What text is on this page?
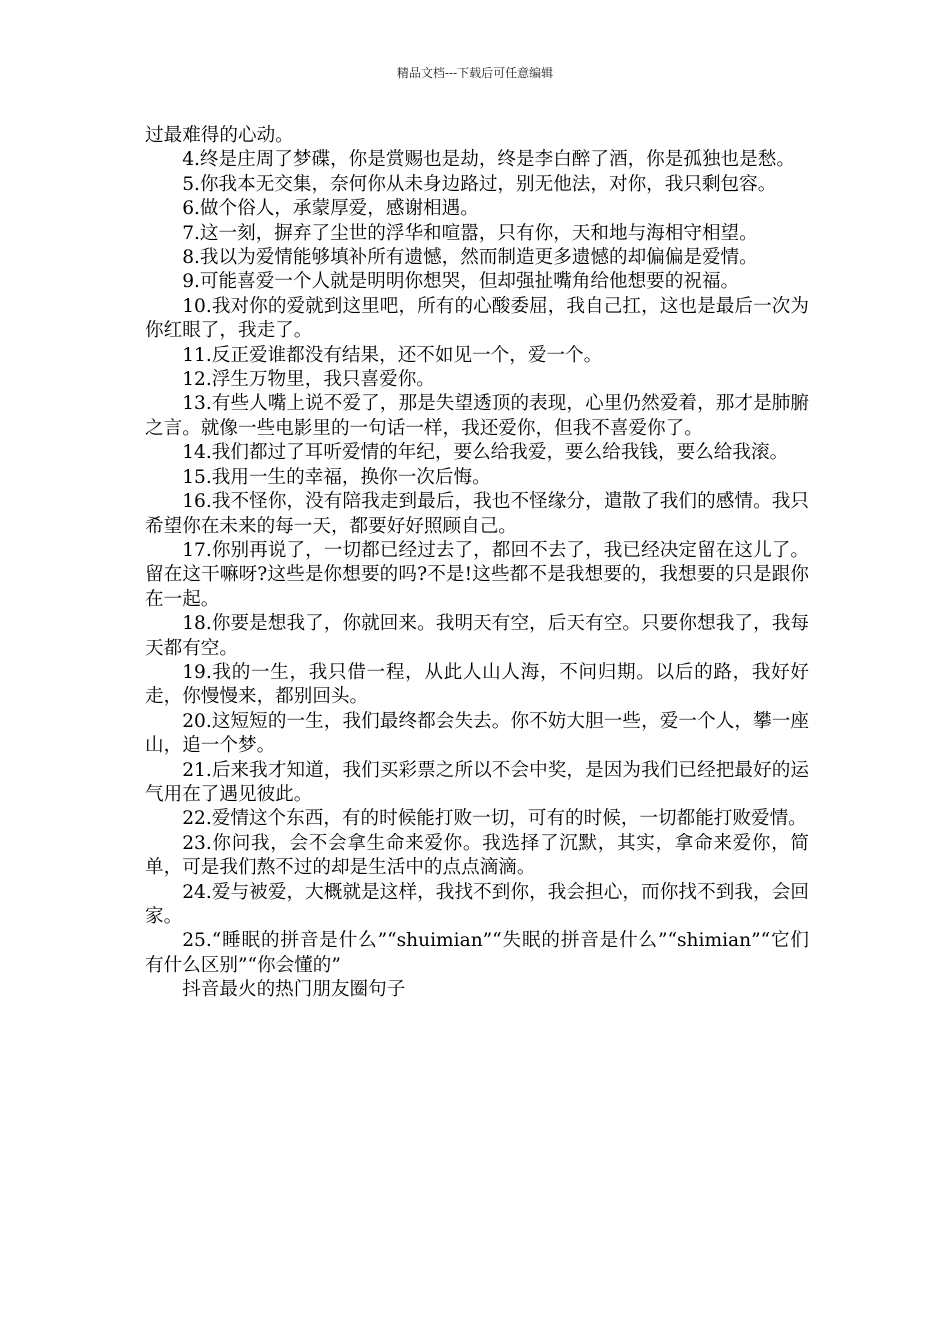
精品文档---下载后可任意编辑

过最难得的心动。

4.终是庄周了梦碟，你是赏赐也是劫，终是李白醉了酒，你是孤独也是愁。

5.你我本无交集，奈何你从未身边路过，别无他法，对你，我只剩包容。

6.做个俗人，承蒙厚爱，感谢相遇。

7.这一刻，摒弃了尘世的浮华和喧嚣，只有你，天和地与海相守相望。

8.我以为爱情能够填补所有遗憾，然而制造更多遗憾的却偏偏是爱情。

9.可能喜爱一个人就是明明你想哭，但却强扯嘴角给他想要的祝福。

10.我对你的爱就到这里吧，所有的心酸委屈，我自己扛，这也是最后一次为你红眼了，我走了。

11.反正爱谁都没有结果，还不如见一个，爱一个。

12.浮生万物里，我只喜爱你。

13.有些人嘴上说不爱了，那是失望透顶的表现，心里仍然爱着，那才是肺腑之言。就像一些电影里的一句话一样，我还爱你，但我不喜爱你了。

14.我们都过了耳听爱情的年纪，要么给我爱，要么给我钱，要么给我滚。

15.我用一生的幸福，换你一次后悔。

16.我不怪你，没有陪我走到最后，我也不怪缘分，遣散了我们的感情。我只希望你在未来的每一天，都要好好照顾自己。

17.你别再说了，一切都已经过去了，都回不去了，我已经决定留在这儿了。留在这干嘛呀?这些是你想要的吗?不是!这些都不是我想要的，我想要的只是跟你在一起。

18.你要是想我了，你就回来。我明天有空，后天有空。只要你想我了，我每天都有空。

19.我的一生，我只借一程，从此人山人海，不问归期。以后的路，我好好走，你慢慢来，都别回头。

20.这短短的一生，我们最终都会失去。你不妨大胆一些，爱一个人，攀一座山，追一个梦。

21.后来我才知道，我们买彩票之所以不会中奖，是因为我们已经把最好的运气用在了遇见彼此。

22.爱情这个东西，有的时候能打败一切，可有的时候，一切都能打败爱情。

23.你问我，会不会拿生命来爱你。我选择了沉默，其实，拿命来爱你，简单，可是我们熬不过的却是生活中的点点滴滴。

24.爱与被爱，大概就是这样，我找不到你，我会担心，而你找不到我，会回家。

25.“睡眠的拼音是什么”“shuimian”“失眠的拼音是什么”“shimian”“它们有什么区别”“你会懂的”

抖音最火的热门朋友圈句子
